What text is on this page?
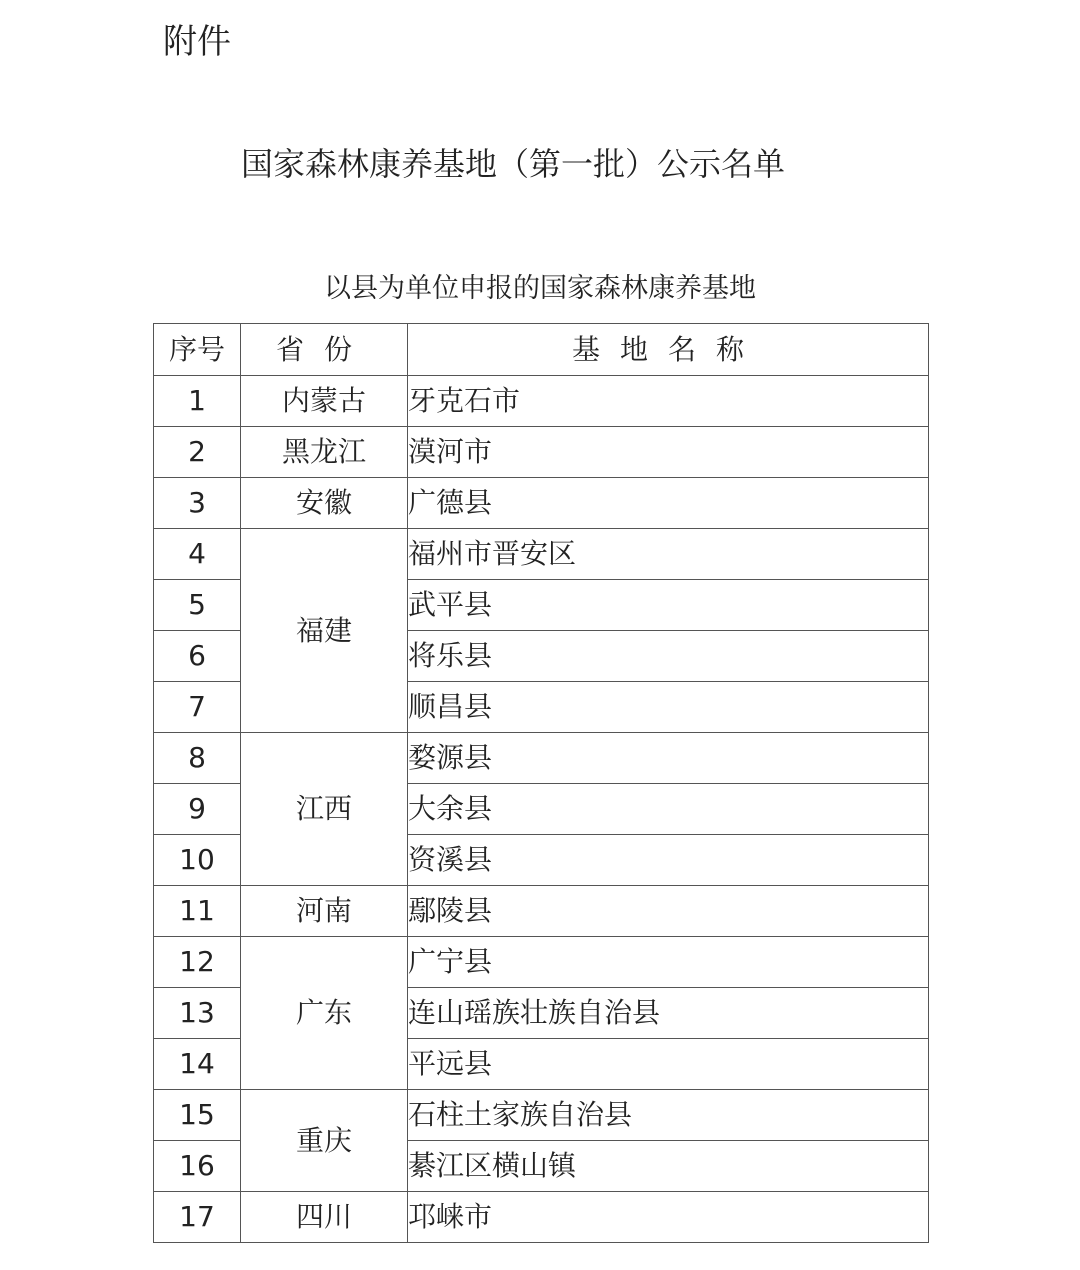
附件
国家森林康养基地（第一批）公示名单
以县为单位申报的国家森林康养基地
序号	省份	基地名称
1	内蒙古	牙克石市
2	黑龙江	漠河市
3	安徽	广德县
4	福建	福州市晋安区
5		武平县
6		将乐县
7		顺昌县
8	江西	婺源县
9		大余县
10		资溪县
11	河南	鄢陵县
12	广东	广宁县
13		连山瑶族壮族自治县
14		平远县
15	重庆	石柱土家族自治县
16		綦江区横山镇
17	四川	邛崃市
